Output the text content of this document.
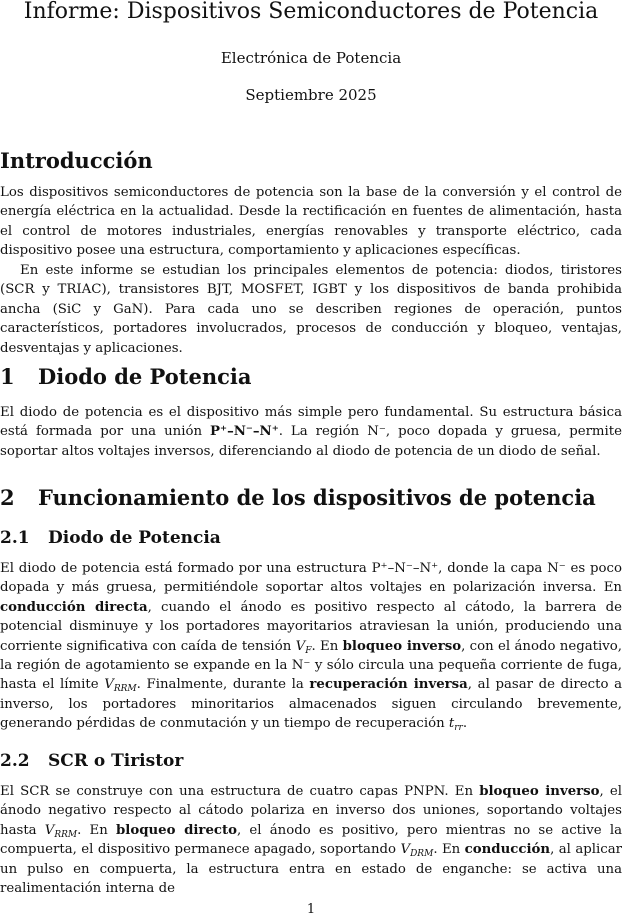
Informe: Dispositivos Semiconductores de Potencia
Electrónica de Potencia
Septiembre 2025
Introducción

Los dispositivos semiconductores de potencia son la base de la conversión y el control de energía eléctrica en la actualidad. Desde la rectificación en fuentes de alimentación, hasta el control de motores industriales, energías renovables y transporte eléctrico, cada dispositivo posee una estructura, comportamiento y aplicaciones específicas.

En este informe se estudian los principales elementos de potencia: diodos, tiristores (SCR y TRIAC), transistores BJT, MOSFET, IGBT y los dispositivos de banda prohibida ancha (SiC y GaN). Para cada uno se describen regiones de operación, puntos característicos, portadores involucrados, procesos de conducción y bloqueo, ventajas, desventajas y aplicaciones.

1 Diodo de Potencia

El diodo de potencia es el dispositivo más simple pero fundamental. Su estructura básica está formada por una unión P⁺–N⁻–N⁺. La región N⁻, poco dopada y gruesa, permite soportar altos voltajes inversos, diferenciando al diodo de potencia de un diodo de señal.

2 Funcionamiento de los dispositivos de potencia
2.1 Diodo de Potencia

El diodo de potencia está formado por una estructura P⁺–N⁻–N⁺, donde la capa N⁻ es poco dopada y más gruesa, permitiéndole soportar altos voltajes en polarización inversa. En conducción directa, cuando el ánodo es positivo respecto al cátodo, la barrera de potencial disminuye y los portadores mayoritarios atraviesan la unión, produciendo una corriente significativa con caída de tensión $V_F$. En bloqueo inverso, con el ánodo negativo, la región de agotamiento se expande en la N⁻ y sólo circula una pequeña corriente de fuga, hasta el límite $V_{RRM}$. Finalmente, durante la recuperación inversa, al pasar de directo a inverso, los portadores minoritarios almacenados siguen circulando brevemente, generando pérdidas de conmutación y un tiempo de recuperación $t_{rr}$.

2.2 SCR o Tiristor

El SCR se construye con una estructura de cuatro capas PNPN. En bloqueo inverso, el ánodo negativo respecto al cátodo polariza en inverso dos uniones, soportando voltajes hasta $V_{RRM}$. En bloqueo directo, el ánodo es positivo, pero mientras no se active la compuerta, el dispositivo permanece apagado, soportando $V_{DRM}$. En conducción, al aplicar un pulso en compuerta, la estructura entra en estado de enganche: se activa una realimentación interna de

1
